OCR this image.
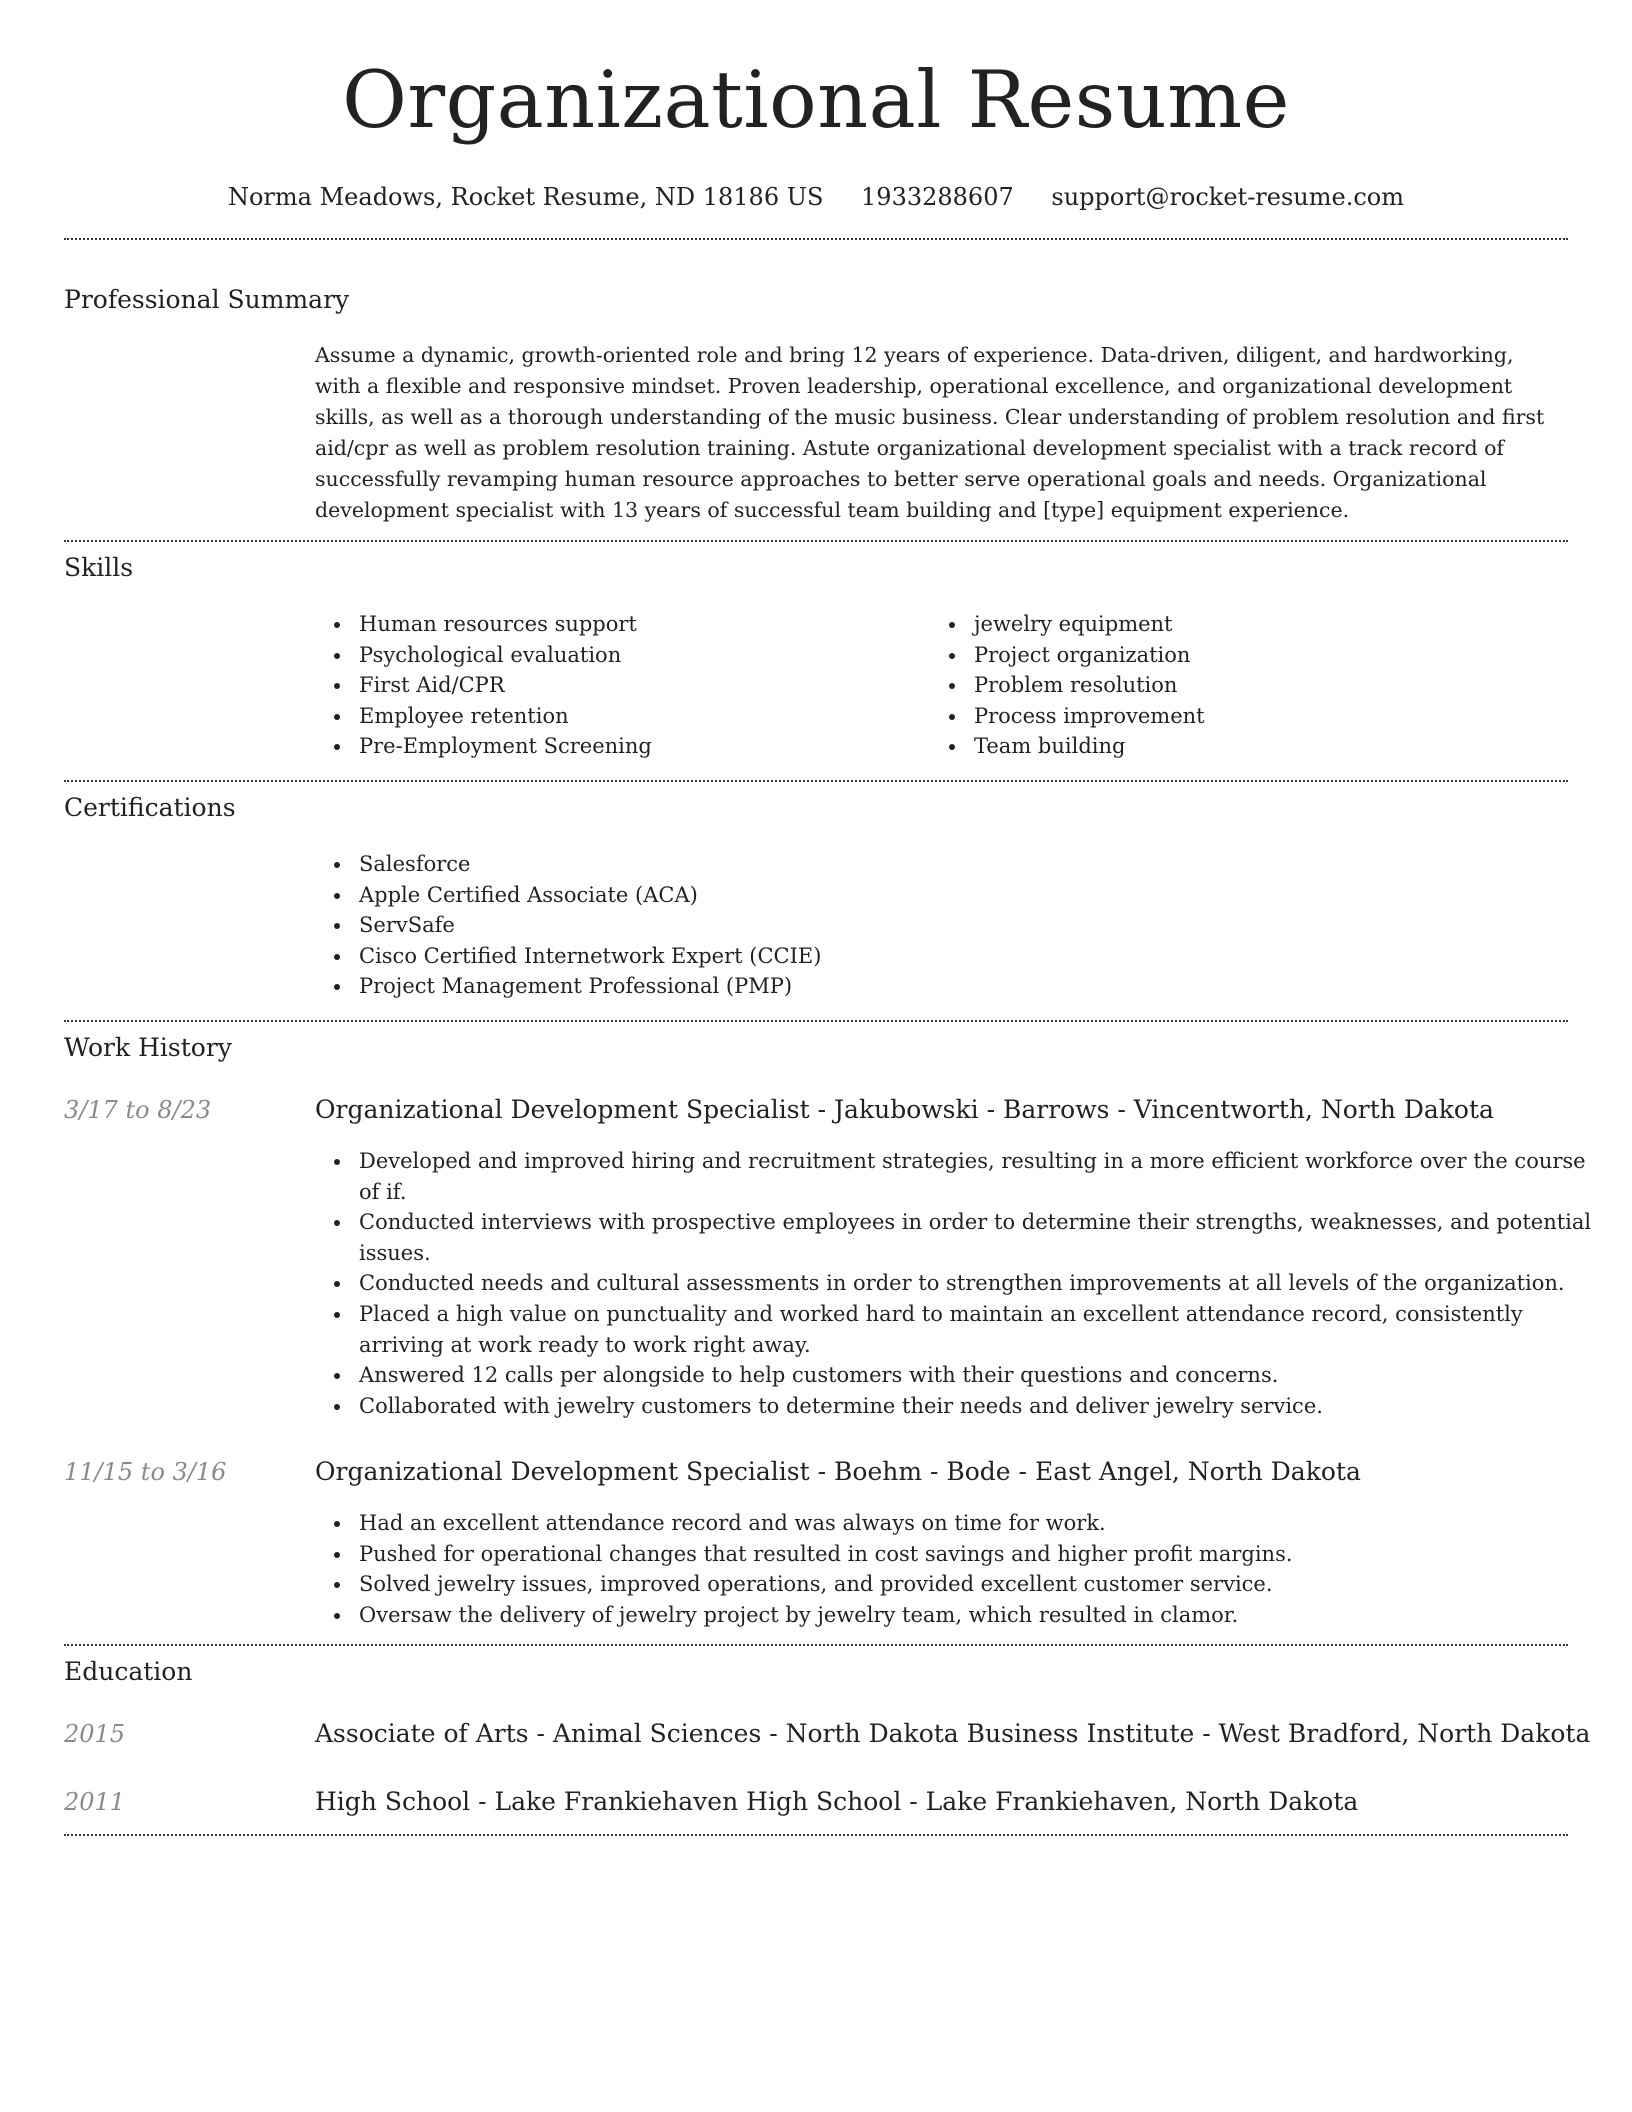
Organizational Resume
Norma Meadows, Rocket Resume, ND 18186 US 1933288607 support@rocket-resume.com
Professional Summary

Assume a dynamic, growth-oriented role and bring 12 years of experience. Data-driven, diligent, and hardworking, with a flexible and responsive mindset. Proven leadership, operational excellence, and organizational development skills, as well as a thorough understanding of the music business. Clear understanding of problem resolution and first aid/cpr as well as problem resolution training. Astute organizational development specialist with a track record of successfully revamping human resource approaches to better serve operational goals and needs. Organizational development specialist with 13 years of successful team building and [type] equipment experience.

Skills
Human resources support
Psychological evaluation
First Aid/CPR
Employee retention
Pre-Employment Screening
jewelry equipment
Project organization
Problem resolution
Process improvement
Team building
Certifications
Salesforce
Apple Certified Associate (ACA)
ServSafe
Cisco Certified Internetwork Expert (CCIE)
Project Management Professional (PMP)
Work History
3/17 to 8/23	Organizational Development Specialist - Jakubowski - Barrows - Vincentworth, North Dakota
Developed and improved hiring and recruitment strategies, resulting in a more efficient workforce over the course of if.
Conducted interviews with prospective employees in order to determine their strengths, weaknesses, and potential issues.
Conducted needs and cultural assessments in order to strengthen improvements at all levels of the organization.
Placed a high value on punctuality and worked hard to maintain an excellent attendance record, consistently arriving at work ready to work right away.
Answered 12 calls per alongside to help customers with their questions and concerns.
Collaborated with jewelry customers to determine their needs and deliver jewelry service.
11/15 to 3/16	Organizational Development Specialist - Boehm - Bode - East Angel, North Dakota
Had an excellent attendance record and was always on time for work.
Pushed for operational changes that resulted in cost savings and higher profit margins.
Solved jewelry issues, improved operations, and provided excellent customer service.
Oversaw the delivery of jewelry project by jewelry team, which resulted in clamor.
Education
2015	Associate of Arts - Animal Sciences - North Dakota Business Institute - West Bradford, North Dakota
2011	High School - Lake Frankiehaven High School - Lake Frankiehaven, North Dakota
